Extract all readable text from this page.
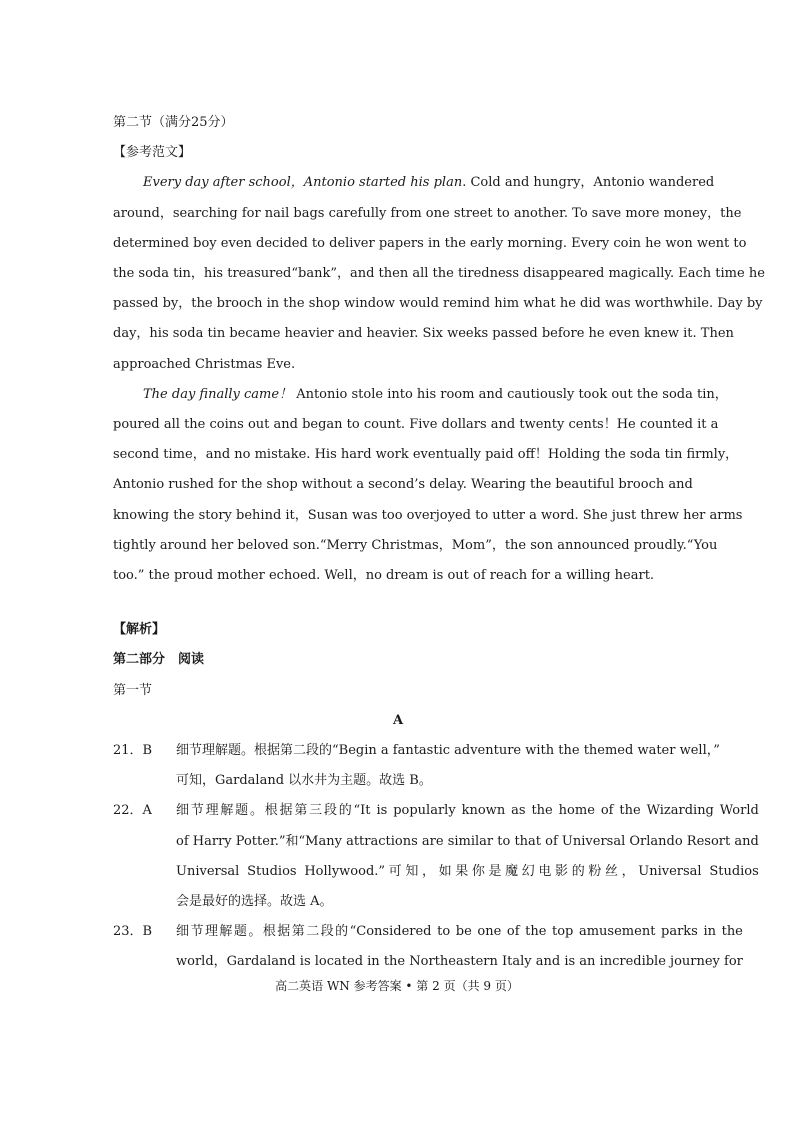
第二节（满分25分）
【参考范文】
Every day after school，Antonio started his plan. Cold and hungry，Antonio wandered
around，searching for nail bags carefully from one street to another. To save more money，the
determined boy even decided to deliver papers in the early morning. Every coin he won went to
the soda tin，his treasured“bank”，and then all the tiredness disappeared magically. Each time he
passed by，the brooch in the shop window would remind him what he did was worthwhile. Day by
day，his soda tin became heavier and heavier. Six weeks passed before he even knew it. Then
approached Christmas Eve.
The day finally came！ Antonio stole into his room and cautiously took out the soda tin，
poured all the coins out and began to count. Five dollars and twenty cents！He counted it a
second time，and no mistake. His hard work eventually paid off！Holding the soda tin firmly，
Antonio rushed for the shop without a second’s delay. Wearing the beautiful brooch and
knowing the story behind it，Susan was too overjoyed to utter a word. She just threw her arms
tightly around her beloved son.“Merry Christmas，Mom”，the son announced proudly.“You
too.” the proud mother echoed. Well，no dream is out of reach for a willing heart.
【解析】
第二部分　阅读
第一节
A
21．B	细节理解题。根据第二段的“Begin a fantastic adventure with the themed water well，”
可知，Gardaland 以水井为主题。故选 B。
22．A	细节理解题。根据第三段的“It is popularly known as the home of the Wizarding World
of Harry Potter.”和“Many attractions are similar to that of Universal Orlando Resort and
Universal Studios Hollywood.”可知，如果你是魔幻电影的粉丝，Universal Studios
会是最好的选择。故选 A。
23．B	细节理解题。根据第二段的“Considered to be one of the top amusement parks in the
world，Gardaland is located in the Northeastern Italy and is an incredible journey for
高二英语 WN 参考答案 • 第 2 页（共 9 页）
